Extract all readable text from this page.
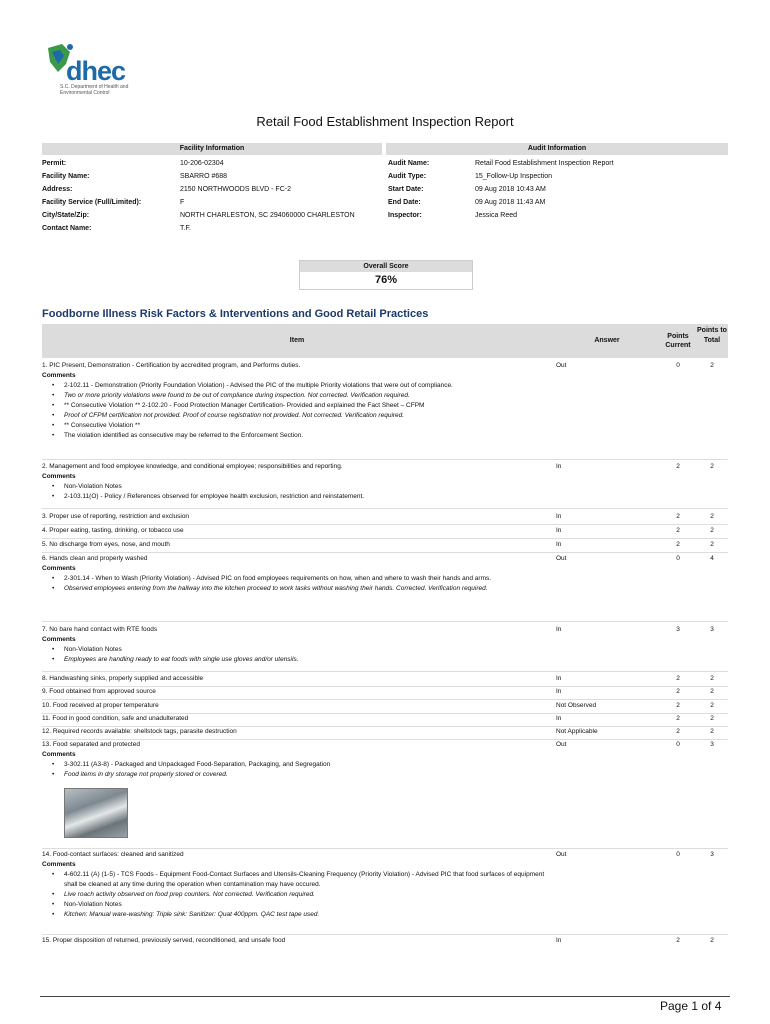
dhec
S.C. Department of Health and Environmental Control
Retail Food Establishment Inspection Report
Facility Information	Audit Information
Permit:	10-206-02304
Facility Name:	SBARRO #688
Address:	2150 NORTHWOODS BLVD - FC-2
Facility Service (Full/Limited):	F
City/State/Zip:	NORTH CHARLESTON, SC 294060000 CHARLESTON
Contact Name:	T.F.
Audit Name:	Retail Food Establishment Inspection Report
Audit Type:	15_Follow-Up Inspection
Start Date:	09 Aug 2018 10:43 AM
End Date:	09 Aug 2018 11:43 AM
Inspector:	Jessica Reed
Overall Score
76%
Foodborne Illness Risk Factors & Interventions and Good Retail Practices
Item	Answer
Points Current
Points to Total
1. PIC Present, Demonstration - Certification by accredited program, and Performs duties.
Comments
• 2-102.11 - Demonstration (Priority Foundation Violation) - Advised the PIC of the multiple Priority violations that were out of compliance.
• Two or more priority violations were found to be out of compliance during inspection. Not corrected. Verification required.
• ** Consecutive Violation ** 2-102.20 - Food Protection Manager Certification- Provided and explained the Fact Sheet – CFPM
• Proof of CFPM certification not provided. Proof of course registration not provided. Not corrected. Verification required.
• ** Consecutive Violation **
• The violation identified as consecutive may be referred to the Enforcement Section.
Out	0	2
2. Management and food employee knowledge, and conditional employee; responsibilities and reporting.
Comments
• Non-Violation Notes
• 2-103.11(O) - Policy / References observed for employee health exclusion, restriction and reinstatement.
In	2	2
3. Proper use of reporting, restriction and exclusion	In	2	2
4. Proper eating, tasting, drinking, or tobacco use	In	2	2
5. No discharge from eyes, nose, and mouth	In	2	2
6. Hands clean and properly washed
Comments
• 2-301.14 - When to Wash (Priority Violation) - Advised PIC on food employees requirements on how, when and where to wash their hands and arms.
• Observed employees entering from the hallway into the kitchen proceed to work tasks without washing their hands. Corrected. Verification required.
Out	0	4
7. No bare hand contact with RTE foods
Comments
• Non-Violation Notes
• Employees are handling ready to eat foods with single use gloves and/or utensils.
In	3	3
8. Handwashing sinks, properly supplied and accessible	In	2	2
9. Food obtained from approved source	In	2	2
10. Food received at proper temperature	Not Observed	2	2
11. Food in good condition, safe and unadulterated	In	2	2
12. Required records available: shellstock tags, parasite destruction	Not Applicable	2	2
13. Food separated and protected
Comments
• 3-302.11 (A3-8) - Packaged and Unpackaged Food-Separation, Packaging, and Segregation
• Food items in dry storage not properly stored or covered.
Out	0	3
14. Food-contact surfaces: cleaned and sanitized
Comments
• 4-602.11 (A) (1-5) - TCS Foods - Equipment Food-Contact Surfaces and Utensils-Cleaning Frequency (Priority Violation) - Advised PIC that food surfaces of equipment shall be cleaned at any time during the operation when contamination may have occured.
• Live roach activity observed on food prep counters. Not corrected. Verification required.
• Non-Violation Notes
• Kitchen: Manual ware-washing: Triple sink: Sanitizer: Quat 400ppm. QAC test tape used.
Out	0	3
15. Proper disposition of returned, previously served, reconditioned, and unsafe food	In	2	2
Page 1 of 4
